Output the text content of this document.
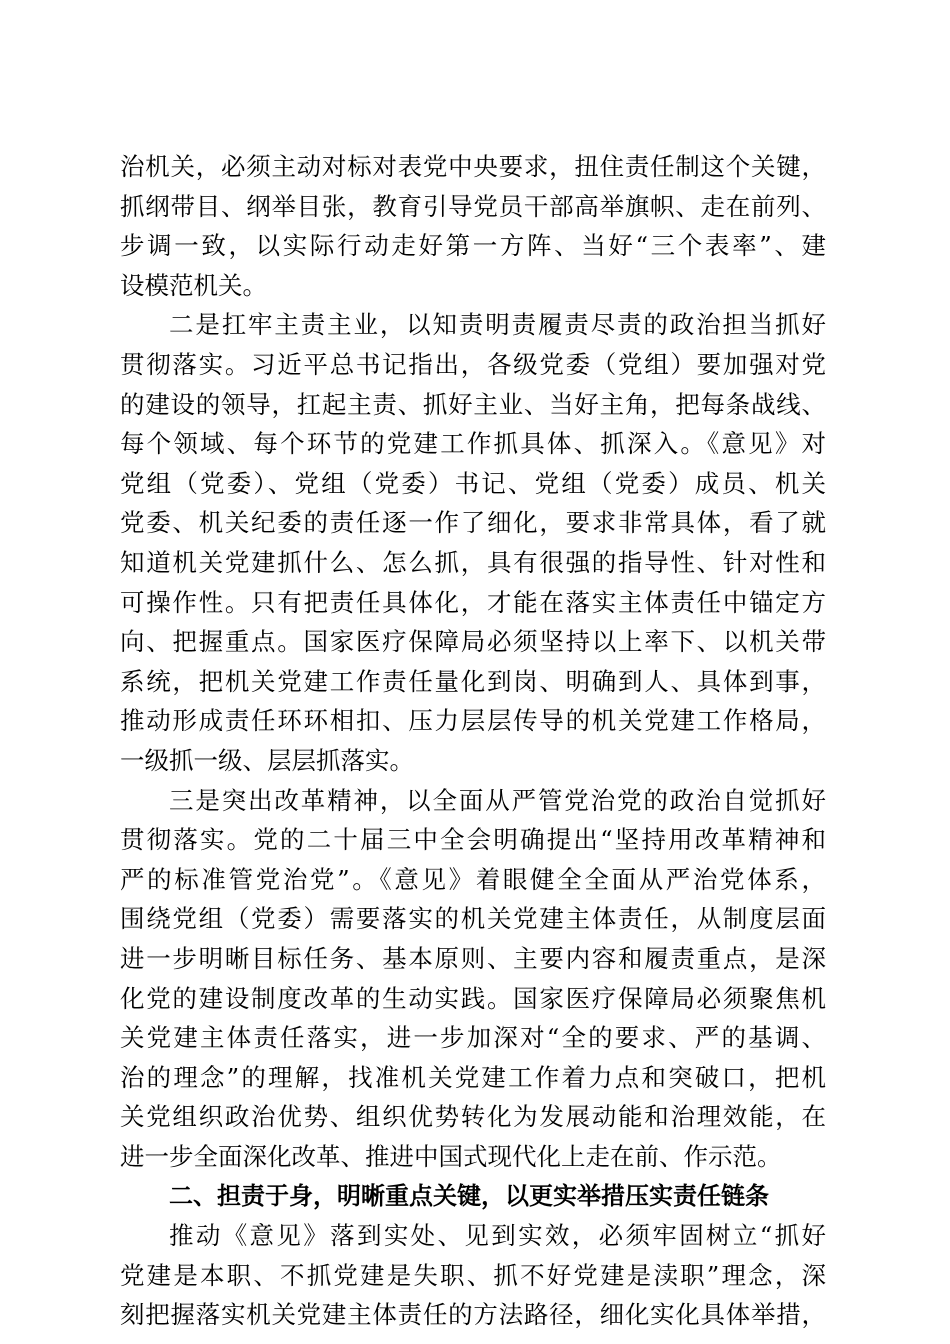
治机关，必须主动对标对表党中央要求，扭住责任制这个关键，
抓纲带目、纲举目张，教育引导党员干部高举旗帜、走在前列、
步调一致，以实际行动走好第一方阵、当好“三个表率”、建
设模范机关。
二是扛牢主责主业，以知责明责履责尽责的政治担当抓好
贯彻落实。习近平总书记指出，各级党委（党组）要加强对党
的建设的领导，扛起主责、抓好主业、当好主角，把每条战线、
每个领域、每个环节的党建工作抓具体、抓深入。《意见》对
党组（党委）、党组（党委）书记、党组（党委）成员、机关
党委、机关纪委的责任逐一作了细化，要求非常具体，看了就
知道机关党建抓什么、怎么抓，具有很强的指导性、针对性和
可操作性。只有把责任具体化，才能在落实主体责任中锚定方
向、把握重点。国家医疗保障局必须坚持以上率下、以机关带
系统，把机关党建工作责任量化到岗、明确到人、具体到事，
推动形成责任环环相扣、压力层层传导的机关党建工作格局，
一级抓一级、层层抓落实。
三是突出改革精神，以全面从严管党治党的政治自觉抓好
贯彻落实。党的二十届三中全会明确提出“坚持用改革精神和
严的标准管党治党”。《意见》着眼健全全面从严治党体系，
围绕党组（党委）需要落实的机关党建主体责任，从制度层面
进一步明晰目标任务、基本原则、主要内容和履责重点，是深
化党的建设制度改革的生动实践。国家医疗保障局必须聚焦机
关党建主体责任落实，进一步加深对“全的要求、严的基调、
治的理念”的理解，找准机关党建工作着力点和突破口，把机
关党组织政治优势、组织优势转化为发展动能和治理效能，在
进一步全面深化改革、推进中国式现代化上走在前、作示范。
二、担责于身，明晰重点关键，以更实举措压实责任链条
推动《意见》落到实处、见到实效，必须牢固树立“抓好
党建是本职、不抓党建是失职、抓不好党建是渎职”理念，深
刻把握落实机关党建主体责任的方法路径，细化实化具体举措，
